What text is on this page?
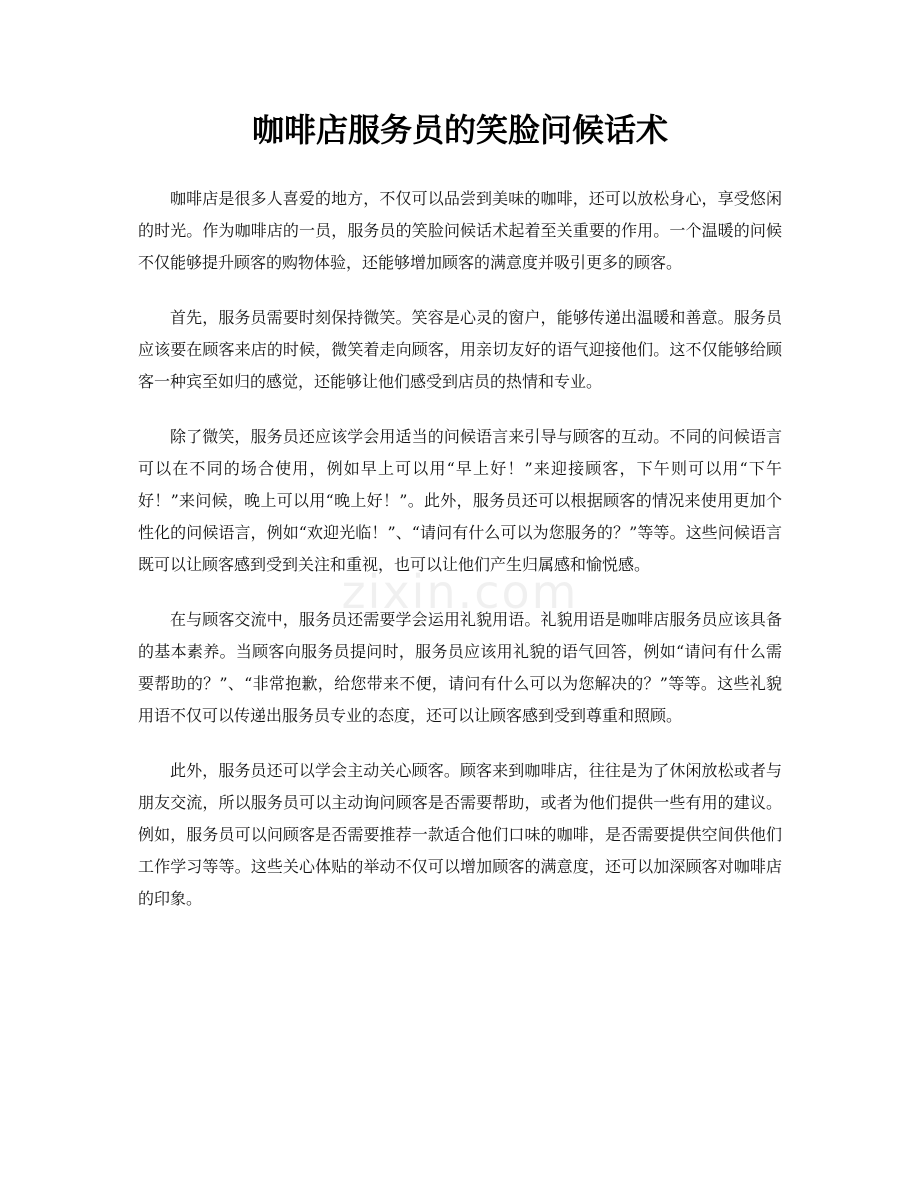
zixin.com
咖啡店服务员的笑脸问候话术

咖啡店是很多人喜爱的地方，不仅可以品尝到美味的咖啡，还可以放松身心，享受悠闲的时光。作为咖啡店的一员，服务员的笑脸问候话术起着至关重要的作用。一个温暖的问候不仅能够提升顾客的购物体验，还能够增加顾客的满意度并吸引更多的顾客。

首先，服务员需要时刻保持微笑。笑容是心灵的窗户，能够传递出温暖和善意。服务员应该要在顾客来店的时候，微笑着走向顾客，用亲切友好的语气迎接他们。这不仅能够给顾客一种宾至如归的感觉，还能够让他们感受到店员的热情和专业。

除了微笑，服务员还应该学会用适当的问候语言来引导与顾客的互动。不同的问候语言可以在不同的场合使用，例如早上可以用“早上好！”来迎接顾客，下午则可以用“下午好！”来问候，晚上可以用“晚上好！”。此外，服务员还可以根据顾客的情况来使用更加个性化的问候语言，例如“欢迎光临！”、“请问有什么可以为您服务的？”等等。这些问候语言既可以让顾客感到受到关注和重视，也可以让他们产生归属感和愉悦感。

在与顾客交流中，服务员还需要学会运用礼貌用语。礼貌用语是咖啡店服务员应该具备的基本素养。当顾客向服务员提问时，服务员应该用礼貌的语气回答，例如“请问有什么需要帮助的？”、“非常抱歉，给您带来不便，请问有什么可以为您解决的？”等等。这些礼貌用语不仅可以传递出服务员专业的态度，还可以让顾客感到受到尊重和照顾。

此外，服务员还可以学会主动关心顾客。顾客来到咖啡店，往往是为了休闲放松或者与朋友交流，所以服务员可以主动询问顾客是否需要帮助，或者为他们提供一些有用的建议。例如，服务员可以问顾客是否需要推荐一款适合他们口味的咖啡，是否需要提供空间供他们工作学习等等。这些关心体贴的举动不仅可以增加顾客的满意度，还可以加深顾客对咖啡店的印象。
